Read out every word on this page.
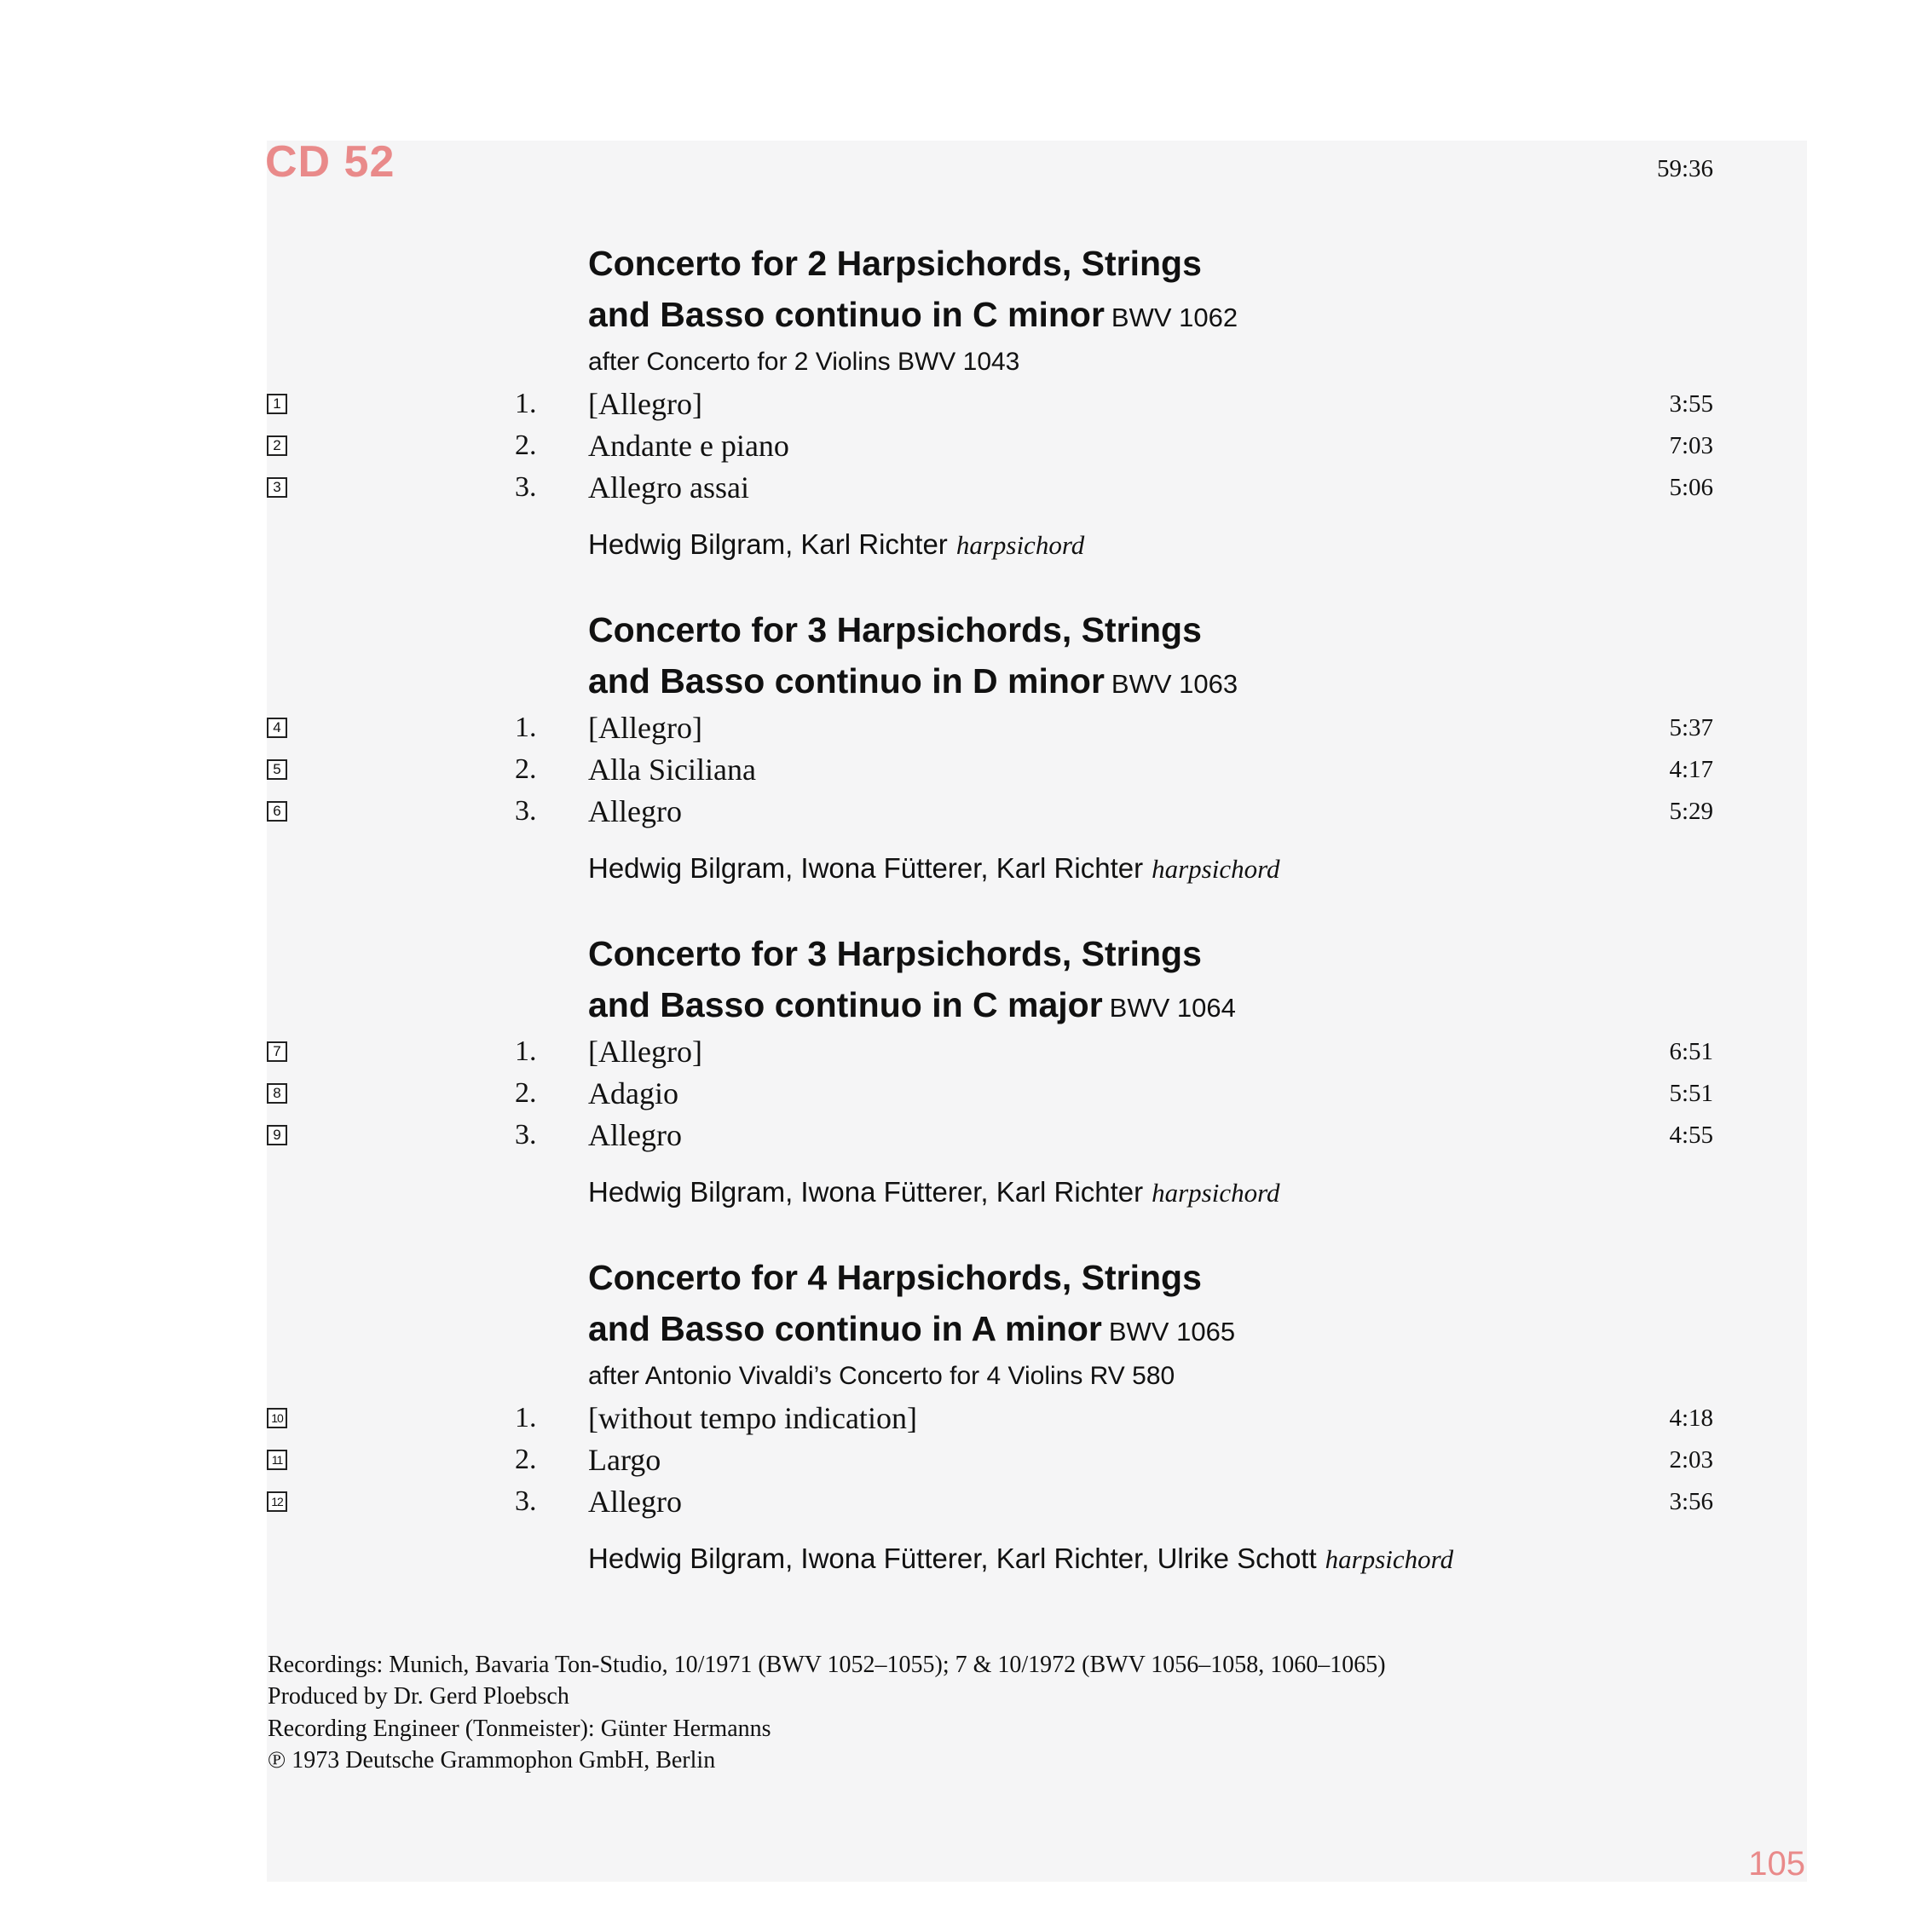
CD 52	59:36
Concerto for 2 Harpsichords, Strings
and Basso continuo in C minor BWV 1062
after Concerto for 2 Violins BWV 1043
1	1. [Allegro]	3:55
2	2. Andante e piano	7:03
3	3. Allegro assai	5:06
Hedwig Bilgram, Karl Richter harpsichord
Concerto for 3 Harpsichords, Strings
and Basso continuo in D minor BWV 1063
4	1. [Allegro]	5:37
5	2. Alla Siciliana	4:17
6	3. Allegro	5:29
Hedwig Bilgram, Iwona Fütterer, Karl Richter harpsichord
Concerto for 3 Harpsichords, Strings
and Basso continuo in C major BWV 1064
7	1. [Allegro]	6:51
8	2. Adagio	5:51
9	3. Allegro	4:55
Hedwig Bilgram, Iwona Fütterer, Karl Richter harpsichord
Concerto for 4 Harpsichords, Strings
and Basso continuo in A minor BWV 1065
after Antonio Vivaldi’s Concerto for 4 Violins RV 580
10	1. [without tempo indication]	4:18
11	2. Largo	2:03
12	3. Allegro	3:56
Hedwig Bilgram, Iwona Fütterer, Karl Richter, Ulrike Schott harpsichord
Recordings: Munich, Bavaria Ton-Studio, 10/1971 (BWV 1052–1055); 7 & 10/1972 (BWV 1056–1058, 1060–1065)
Produced by Dr. Gerd Ploebsch
Recording Engineer (Tonmeister): Günter Hermanns
℗ 1973 Deutsche Grammophon GmbH, Berlin
105
